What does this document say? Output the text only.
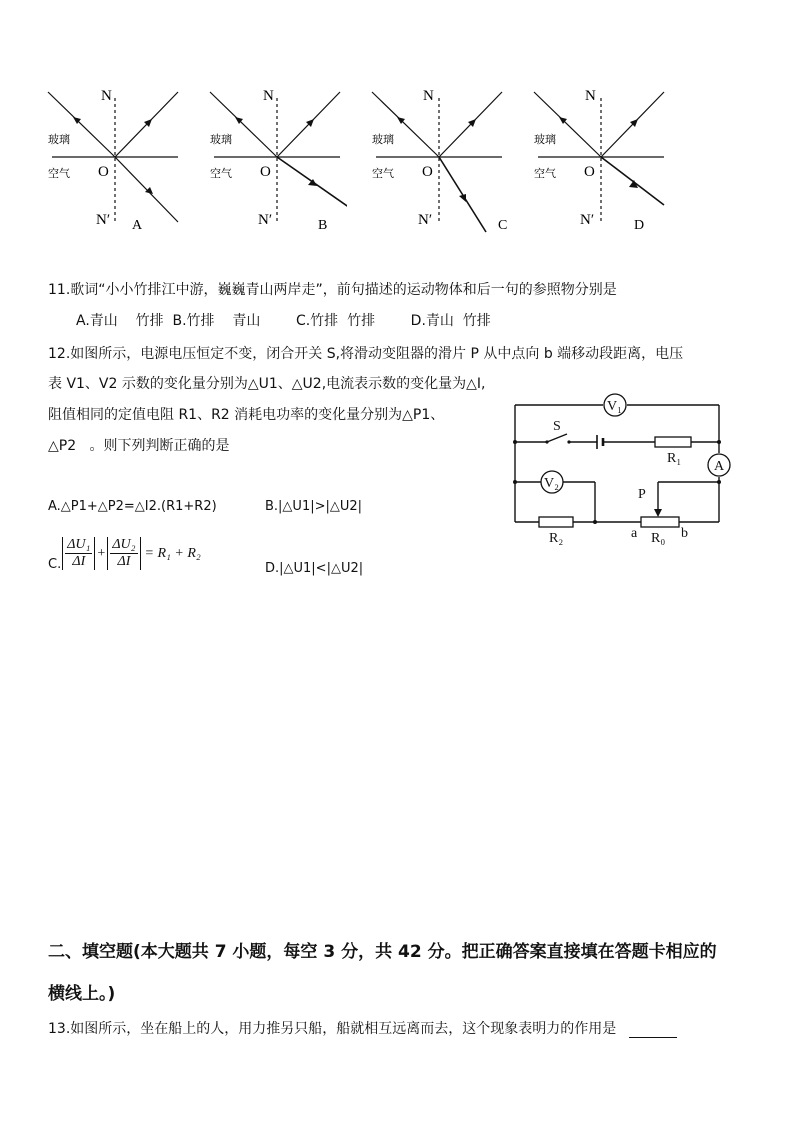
N
O
N′
玻璃
空气
A
N
O
N′
玻璃
空气
B
N
O
N′
玻璃
空气
C
N
O
N′
玻璃
空气
D
11.歌词“小小竹排江中游，巍巍青山两岸走”，前句描述的运动物体和后一句的参照物分别是
A.青山    竹排  B.竹排    青山        C.竹排  竹排        D.青山  竹排
12.如图所示，电源电压恒定不变，闭合开关 S,将滑动变阻器的滑片 P 从中点向 b 端移动段距离，电压
表 V1、V2 示数的变化量分别为△U1、△U2,电流表示数的变化量为△I,
阻值相同的定值电阻 R1、R2 消耗电功率的变化量分别为△P1、
△P2   。则下列判断正确的是
A.△P1+△P2=△I2.(R1+R2)	B.|△U1|>|△U2|
C. $\frac{\text{ΔU₁}}{\Delta I} + \frac{\text{ΔU₂}}{\Delta I} = R_1 + R_2$
D.|△U1|<|△U2|
V₁
V₂
A
S
R₁
R₂	R₀
P
a	b
二、填空题(本大题共 7 小题，每空 3 分，共 42 分。把正确答案直接填在答题卡相应的
横线上。)
13.如图所示，坐在船上的人，用力推另只船，船就相互远离而去，这个现象表明力的作用是
